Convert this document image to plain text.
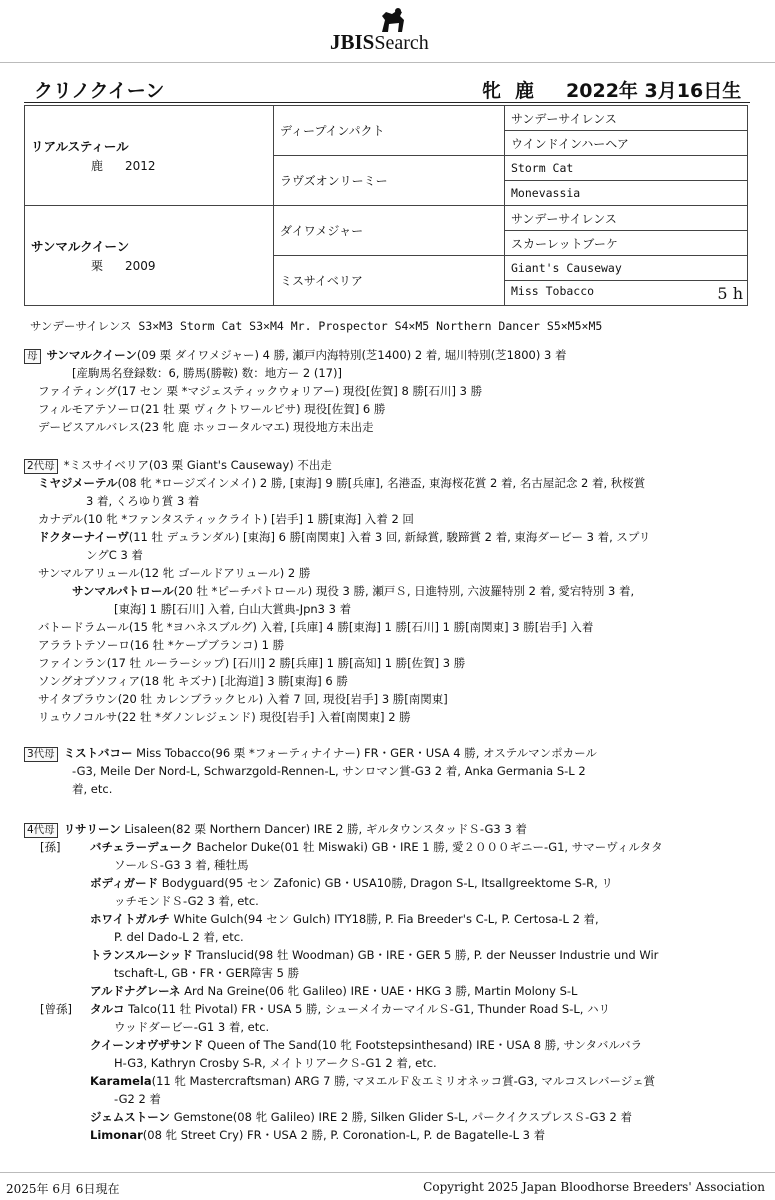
JBISSearch
クリノクイーン	牝 鹿 2022年 3月16日生
リアルスティール
鹿 2012	ディープインパクト	サンデーサイレンス
		ウインドインハーヘア
	ラヴズオンリーミー	Storm Cat
		Monevassia

サンマルクイーン
栗 2009	ダイワメジャー	サンデーサイレンス
		スカーレットブーケ
	ミスサイベリア	Giant's Causeway
		Miss Tobacco 5 h
サンデーサイレンス S3×M3 Storm Cat S3×M4 Mr. Prospector S4×M5 Northern Dancer S5×M5×M5
母 サンマルクイーン(09 栗 ダイワメジャー) 4 勝, 瀬戸内海特別(芝1400) 2 着, 堀川特別(芝1800) 3 着
[産駒馬名登録数：6, 勝馬(勝鞍) 数：地方ー 2 (17)]
ファイティング(17 セン 栗 *マジェスティックウォリアー) 現役[佐賀] 8 勝[石川] 3 勝
フィルモアテソーロ(21 牡 栗 ヴィクトワールピサ) 現役[佐賀] 6 勝
デービスアルバレス(23 牝 鹿 ホッコータルマエ) 現役地方未出走
2代母 *ミスサイベリア(03 栗 Giant's Causeway) 不出走
ミヤジメーテル(08 牝 *ロージズインメイ) 2 勝, [東海] 9 勝[兵庫], 名港盃, 東海桜花賞 2 着, 名古屋記念 2 着, 秋桜賞
3 着, くろゆり賞 3 着
カナデル(10 牝 *ファンタスティックライト) [岩手] 1 勝[東海] 入着 2 回
ドクターナイーヴ(11 牡 デュランダル) [東海] 6 勝[南関東] 入着 3 回, 新緑賞, 駿蹄賞 2 着, 東海ダービー 3 着, スプリ
ングC 3 着
サンマルアリュール(12 牝 ゴールドアリュール) 2 勝
サンマルパトロール(20 牡 *ピーチパトロール) 現役 3 勝, 瀬戸Ｓ, 日進特別, 六波羅特別 2 着, 愛宕特別 3 着,
[東海] 1 勝[石川] 入着, 白山大賞典-Jpn3 3 着
バトードラムール(15 牝 *ヨハネスブルグ) 入着, [兵庫] 4 勝[東海] 1 勝[石川] 1 勝[南関東] 3 勝[岩手] 入着
アララトテソーロ(16 牡 *ケープブランコ) 1 勝
ファインラン(17 牡 ルーラーシップ) [石川] 2 勝[兵庫] 1 勝[高知] 1 勝[佐賀] 3 勝
ソングオブソフィア(18 牝 キズナ) [北海道] 3 勝[東海] 6 勝
サイタブラウン(20 牡 カレンブラックヒル) 入着 7 回, 現役[岩手] 3 勝[南関東]
リュウノコルサ(22 牡 *ダノンレジェンド) 現役[岩手] 入着[南関東] 2 勝
3代母 ミストバコー Miss Tobacco(96 栗 *フォーティナイナー) FR・GER・USA 4 勝, オステルマンポカール
-G3, Meile Der Nord-L, Schwarzgold-Rennen-L, サンロマン賞-G3 2 着, Anka Germania S-L 2
着, etc.
4代母 リサリーン Lisaleen(82 栗 Northern Dancer) IRE 2 勝, ギルタウンスタッドＳ-G3 3 着
[孫]	バチェラーデューク Bachelor Duke(01 牡 Miswaki) GB・IRE 1 勝, 愛２０００ギニー-G1, サマーヴィルタタ
ソールＳ-G3 3 着, 種牡馬
ボディガード Bodyguard(95 セン Zafonic) GB・USA10勝, Dragon S-L, Itsallgreektome S-R, リ
ッチモンドＳ-G2 3 着, etc.
ホワイトガルチ White Gulch(94 セン Gulch) ITY18勝, P. Fia Breeder's C-L, P. Certosa-L 2 着,
P. del Dado-L 2 着, etc.
トランスルーシッド Translucid(98 牡 Woodman) GB・IRE・GER 5 勝, P. der Neusser Industrie und Wir
tschaft-L, GB・FR・GER障害 5 勝
アルドナグレーネ Ard Na Greine(06 牝 Galileo) IRE・UAE・HKG 3 勝, Martin Molony S-L
[曾孫] タルコ Talco(11 牡 Pivotal) FR・USA 5 勝, シューメイカーマイルＳ-G1, Thunder Road S-L, ハリ
ウッドダービー-G1 3 着, etc.
クイーンオヴザサンド Queen of The Sand(10 牝 Footstepsinthesand) IRE・USA 8 勝, サンタバルバラ
H-G3, Kathryn Crosby S-R, メイトリアークＳ-G1 2 着, etc.
Karamela(11 牝 Mastercraftsman) ARG 7 勝, マヌエルＦ＆エミリオネッコ賞-G3, マルコスレバージェ賞
-G2 2 着
ジェムストーン Gemstone(08 牝 Galileo) IRE 2 勝, Silken Glider S-L, パークイクスプレスＳ-G3 2 着
Limonar(08 牝 Street Cry) FR・USA 2 勝, P. Coronation-L, P. de Bagatelle-L 3 着
2025年 6月 6日現在	Copyright 2025 Japan Bloodhorse Breeders' Association
